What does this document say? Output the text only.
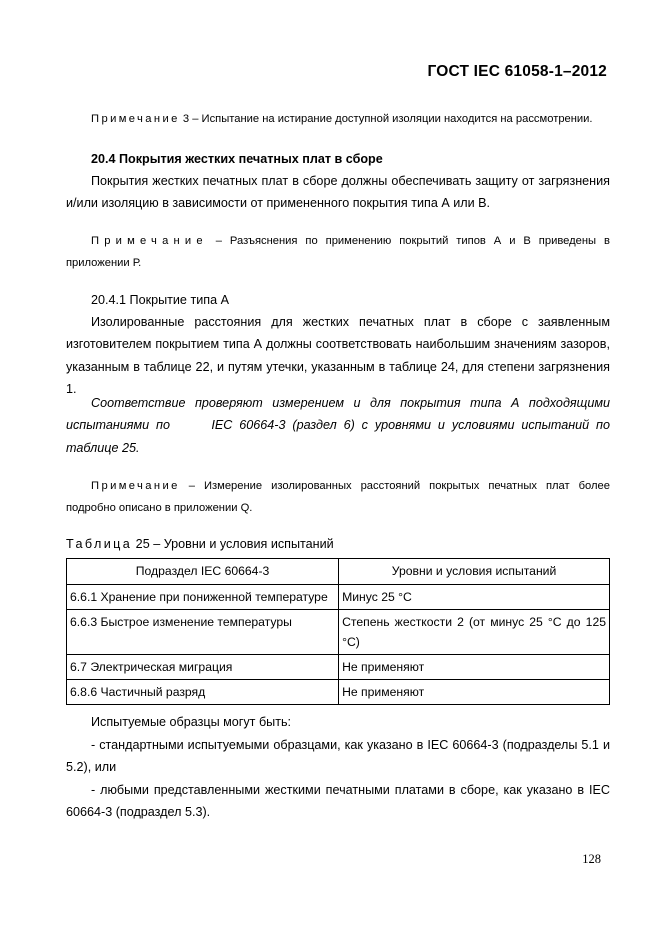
ГОСТ IEC 61058-1–2012

Примечание 3 – Испытание на истирание доступной изоляции находится на рассмотрении.

20.4 Покрытия жестких печатных плат в сборе

Покрытия жестких печатных плат в сборе должны обеспечивать защиту от загрязнения и/или изоляцию в зависимости от примененного покрытия типа А или В.

Примечание – Разъяснения по применению покрытий типов А и В приведены в приложении Р.

20.4.1 Покрытие типа А

Изолированные расстояния для жестких печатных плат в сборе с заявленным изготовителем покрытием типа А должны соответствовать наибольшим значениям зазоров, указанным в таблице 22, и путям утечки, указанным в таблице 24, для степени загрязнения 1.

Соответствие проверяют измерением и для покрытия типа А подходящими испытаниями по      IEC 60664-3 (раздел 6) с уровнями и условиями испытаний по таблице 25.

Примечание – Измерение изолированных расстояний покрытых печатных плат более подробно описано в приложении Q.

Таблица 25 – Уровни и условия испытаний

Подраздел IEC 60664-3	Уровни и условия испытаний
6.6.1 Хранение при пониженной температуре	Минус 25 °С
6.6.3 Быстрое изменение температуры	Степень жесткости 2 (от минус 25 °С до 125 °С)
6.7 Электрическая миграция	Не применяют
6.8.6 Частичный разряд	Не применяют

Испытуемые образцы могут быть:

- стандартными испытуемыми образцами, как указано в IEC 60664-3 (подразделы 5.1 и 5.2), или

- любыми представленными жесткими печатными платами в сборе, как указано в IEC 60664-3 (подраздел 5.3).

128
